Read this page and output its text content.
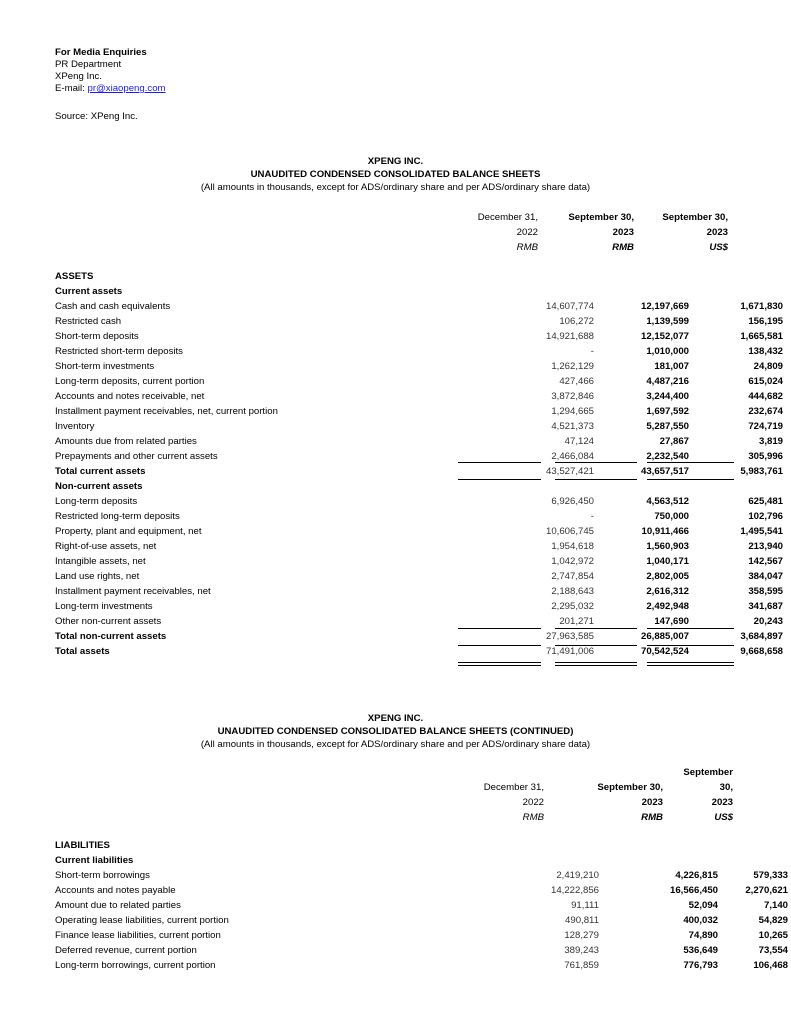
For Media Enquiries
PR Department
XPeng Inc.
E-mail: pr@xiaopeng.com
Source: XPeng Inc.
XPENG INC.
UNAUDITED CONDENSED CONSOLIDATED BALANCE SHEETS
(All amounts in thousands, except for ADS/ordinary share and per ADS/ordinary share data)
December 31,
2022
RMB
September 30,
2023
RMB
September 30,
2023
US$
ASSETS
Current assets
Cash and cash equivalents	14,607,774	12,197,669	1,671,830
Restricted cash	106,272	1,139,599	156,195
Short-term deposits	14,921,688	12,152,077	1,665,581
Restricted short-term deposits	-	1,010,000	138,432
Short-term investments	1,262,129	181,007	24,809
Long-term deposits, current portion	427,466	4,487,216	615,024
Accounts and notes receivable, net	3,872,846	3,244,400	444,682
Installment payment receivables, net, current portion	1,294,665	1,697,592	232,674
Inventory	4,521,373	5,287,550	724,719
Amounts due from related parties	47,124	27,867	3,819
Prepayments and other current assets	2,466,084	2,232,540	305,996
Total current assets	43,527,421	43,657,517	5,983,761
Non-current assets
Long-term deposits	6,926,450	4,563,512	625,481
Restricted long-term deposits	-	750,000	102,796
Property, plant and equipment, net	10,606,745	10,911,466	1,495,541
Right-of-use assets, net	1,954,618	1,560,903	213,940
Intangible assets, net	1,042,972	1,040,171	142,567
Land use rights, net	2,747,854	2,802,005	384,047
Installment payment receivables, net	2,188,643	2,616,312	358,595
Long-term investments	2,295,032	2,492,948	341,687
Other non-current assets	201,271	147,690	20,243
Total non-current assets	27,963,585	26,885,007	3,684,897
Total assets	71,491,006	70,542,524	9,668,658
XPENG INC.
UNAUDITED CONDENSED CONSOLIDATED BALANCE SHEETS (CONTINUED)
(All amounts in thousands, except for ADS/ordinary share and per ADS/ordinary share data)
December 31,
2022
RMB
September 30,
2023
RMB
September
30,
2023
US$
LIABILITIES
Current liabilities
Short-term borrowings	2,419,210	4,226,815	579,333
Accounts and notes payable	14,222,856	16,566,450	2,270,621
Amount due to related parties	91,111	52,094	7,140
Operating lease liabilities, current portion	490,811	400,032	54,829
Finance lease liabilities, current portion	128,279	74,890	10,265
Deferred revenue, current portion	389,243	536,649	73,554
Long-term borrowings, current portion	761,859	776,793	106,468
